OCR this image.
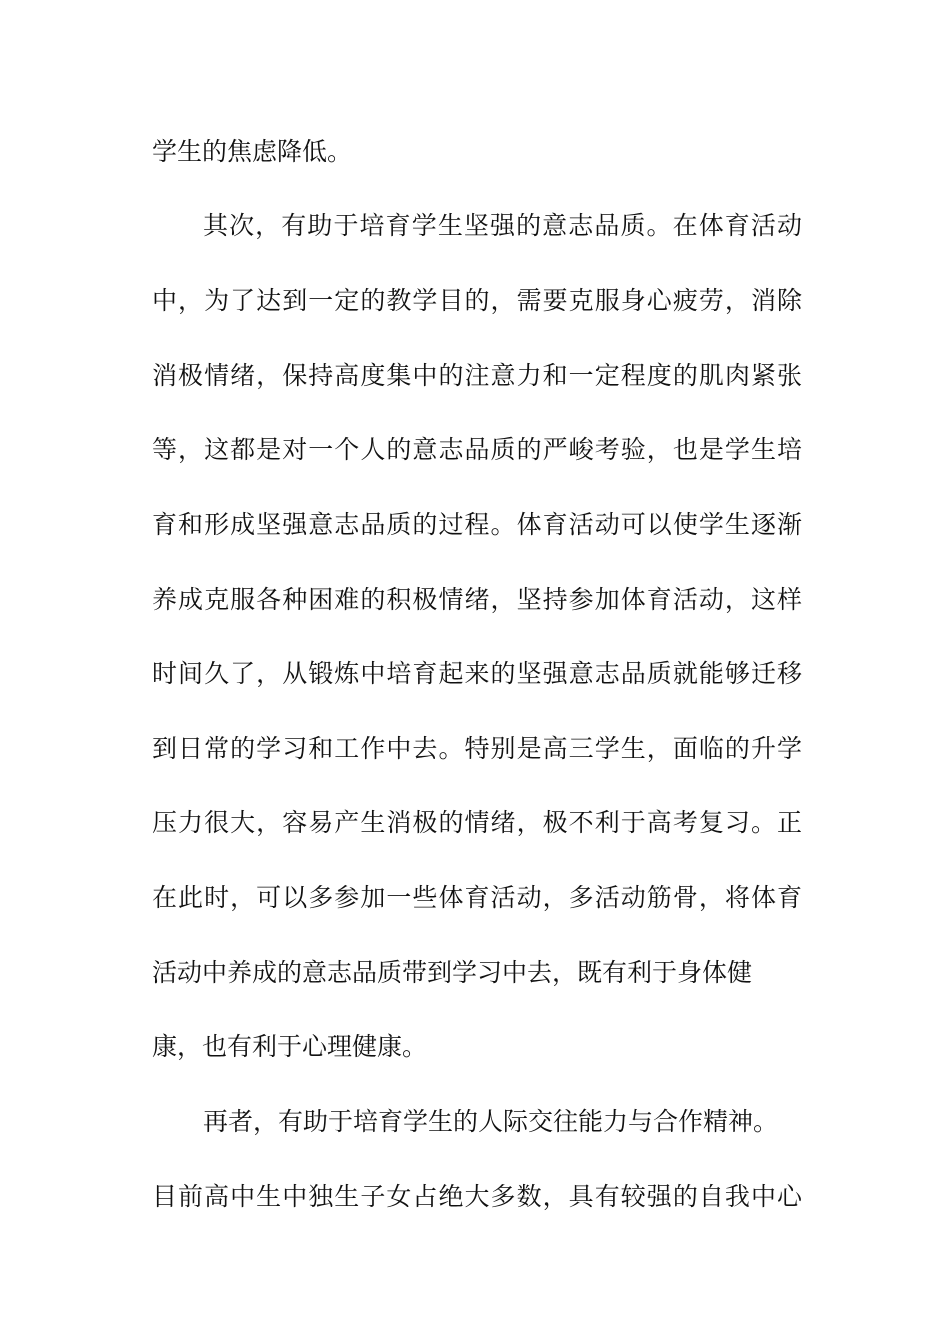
学生的焦虑降低。
其次，有助于培育学生坚强的意志品质。在体育活动
中，为了达到一定的教学目的，需要克服身心疲劳，消除
消极情绪，保持高度集中的注意力和一定程度的肌肉紧张
等，这都是对一个人的意志品质的严峻考验，也是学生培
育和形成坚强意志品质的过程。体育活动可以使学生逐渐
养成克服各种困难的积极情绪，坚持参加体育活动，这样
时间久了，从锻炼中培育起来的坚强意志品质就能够迁移
到日常的学习和工作中去。特别是高三学生，面临的升学
压力很大，容易产生消极的情绪，极不利于高考复习。正
在此时，可以多参加一些体育活动，多活动筋骨，将体育
活动中养成的意志品质带到学习中去，既有利于身体健
康，也有利于心理健康。
再者，有助于培育学生的人际交往能力与合作精神。
目前高中生中独生子女占绝大多数，具有较强的自我中心
